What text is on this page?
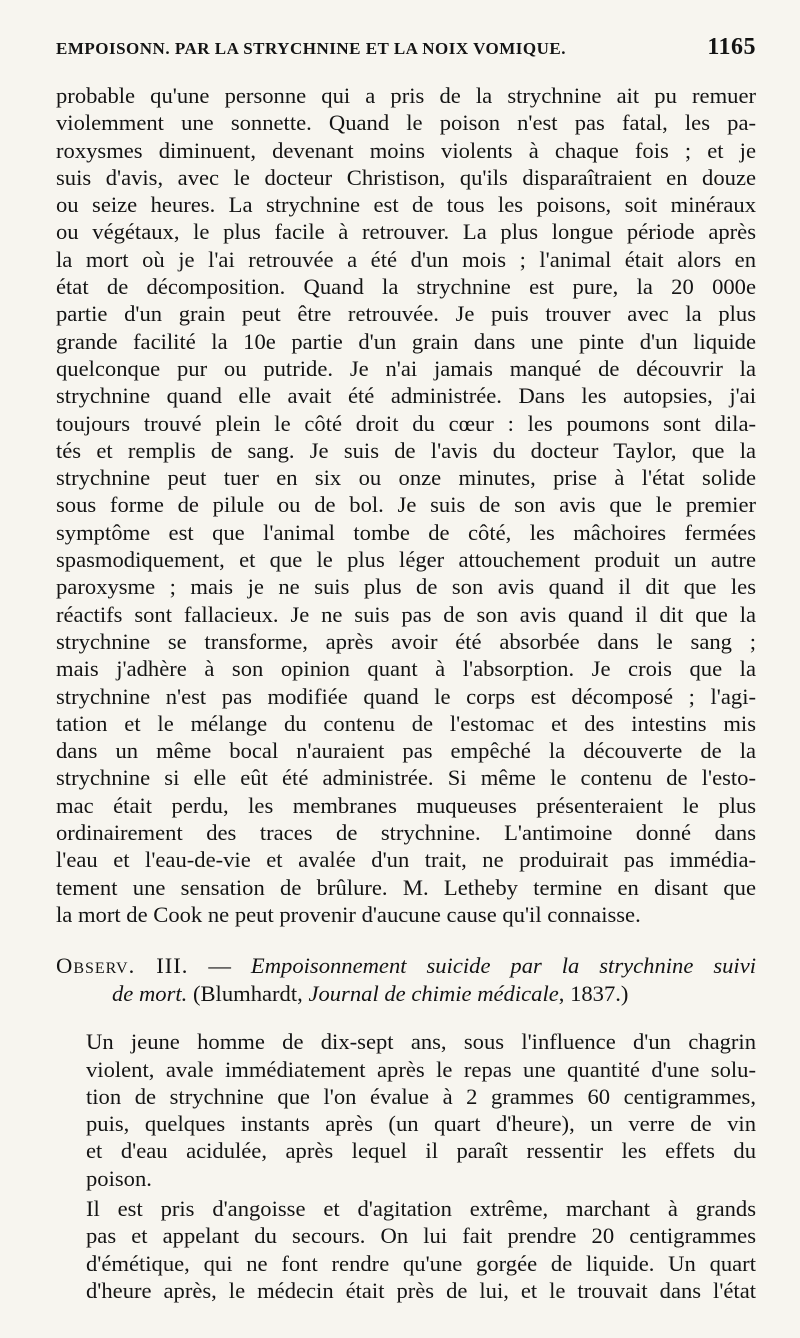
EMPOISONN. PAR LA STRYCHNINE ET LA NOIX VOMIQUE.	1165

probable qu'une personne qui a pris de la strychnine ait pu remuer
violemment une sonnette. Quand le poison n'est pas fatal, les pa-
roxysmes diminuent, devenant moins violents à chaque fois ; et je
suis d'avis, avec le docteur Christison, qu'ils disparaîtraient en douze
ou seize heures. La strychnine est de tous les poisons, soit minéraux
ou végétaux, le plus facile à retrouver. La plus longue période après
la mort où je l'ai retrouvée a été d'un mois ; l'animal était alors en
état de décomposition. Quand la strychnine est pure, la 20 000e
partie d'un grain peut être retrouvée. Je puis trouver avec la plus
grande facilité la 10e partie d'un grain dans une pinte d'un liquide
quelconque pur ou putride. Je n'ai jamais manqué de découvrir la
strychnine quand elle avait été administrée. Dans les autopsies, j'ai
toujours trouvé plein le côté droit du cœur : les poumons sont dila-
tés et remplis de sang. Je suis de l'avis du docteur Taylor, que la
strychnine peut tuer en six ou onze minutes, prise à l'état solide
sous forme de pilule ou de bol. Je suis de son avis que le premier
symptôme est que l'animal tombe de côté, les mâchoires fermées
spasmodiquement, et que le plus léger attouchement produit un autre
paroxysme ; mais je ne suis plus de son avis quand il dit que les
réactifs sont fallacieux. Je ne suis pas de son avis quand il dit que la
strychnine se transforme, après avoir été absorbée dans le sang ;
mais j'adhère à son opinion quant à l'absorption. Je crois que la
strychnine n'est pas modifiée quand le corps est décomposé ; l'agi-
tation et le mélange du contenu de l'estomac et des intestins mis
dans un même bocal n'auraient pas empêché la découverte de la
strychnine si elle eût été administrée. Si même le contenu de l'esto-
mac était perdu, les membranes muqueuses présenteraient le plus
ordinairement des traces de strychnine. L'antimoine donné dans
l'eau et l'eau-de-vie et avalée d'un trait, ne produirait pas immédia-
tement une sensation de brûlure. M. Letheby termine en disant que
la mort de Cook ne peut provenir d'aucune cause qu'il connaisse.

Observ. III. — Empoisonnement suicide par la strychnine suivi
de mort. (Blumhardt, Journal de chimie médicale, 1837.)

Un jeune homme de dix-sept ans, sous l'influence d'un chagrin
violent, avale immédiatement après le repas une quantité d'une solu-
tion de strychnine que l'on évalue à 2 grammes 60 centigrammes,
puis, quelques instants après (un quart d'heure), un verre de vin
et d'eau acidulée, après lequel il paraît ressentir les effets du
poison.

Il est pris d'angoisse et d'agitation extrême, marchant à grands
pas et appelant du secours. On lui fait prendre 20 centigrammes
d'émétique, qui ne font rendre qu'une gorgée de liquide. Un quart
d'heure après, le médecin était près de lui, et le trouvait dans l'état
